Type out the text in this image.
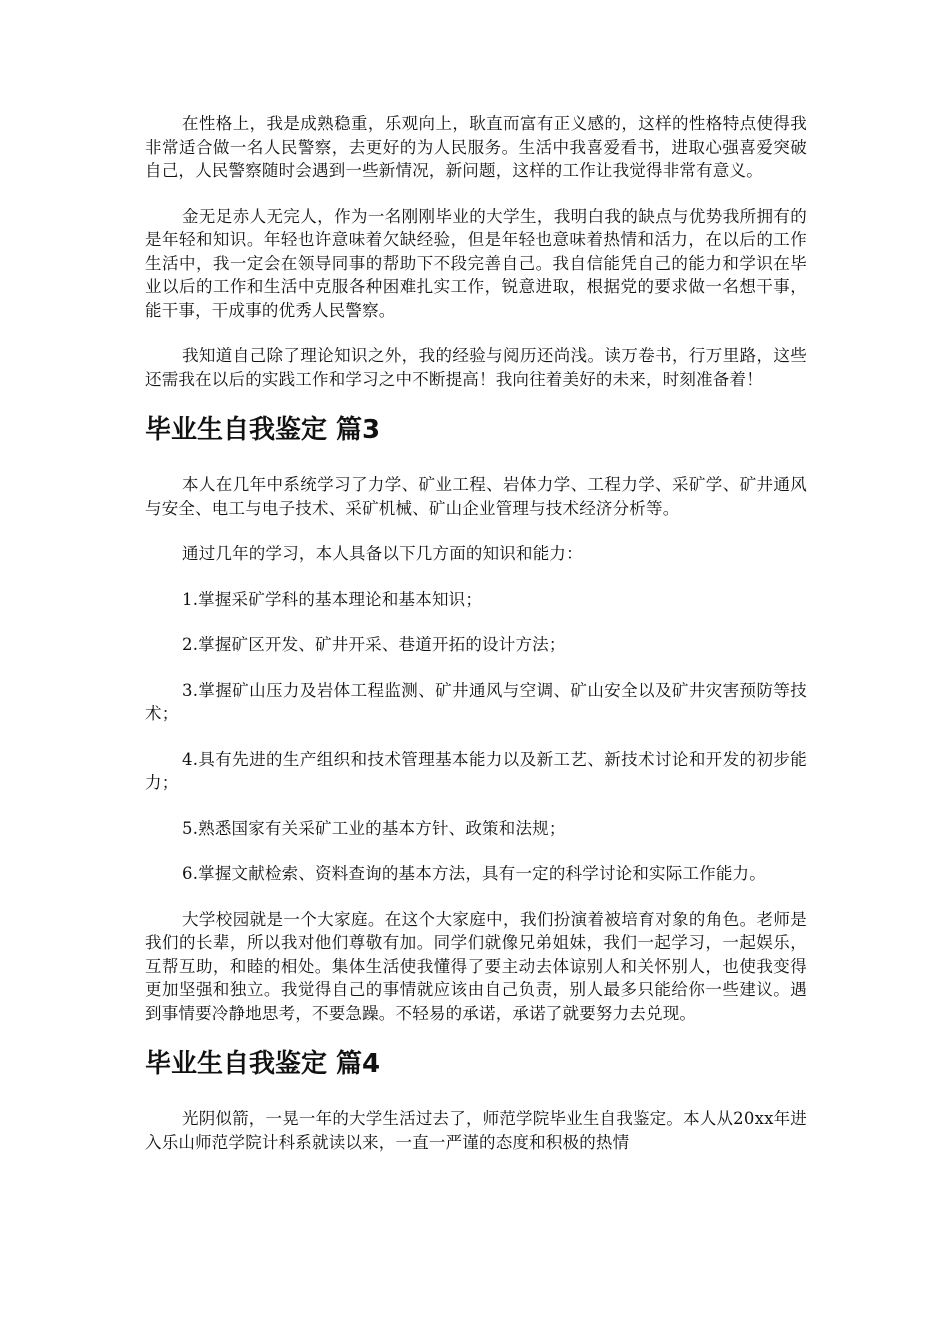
在性格上，我是成熟稳重，乐观向上，耿直而富有正义感的，这样的性格特点使得我非常适合做一名人民警察，去更好的为人民服务。生活中我喜爱看书，进取心强喜爱突破自己，人民警察随时会遇到一些新情况，新问题，这样的工作让我觉得非常有意义。

金无足赤人无完人，作为一名刚刚毕业的大学生，我明白我的缺点与优势我所拥有的是年轻和知识。年轻也许意味着欠缺经验，但是年轻也意味着热情和活力，在以后的工作生活中，我一定会在领导同事的帮助下不段完善自己。我自信能凭自己的能力和学识在毕业以后的工作和生活中克服各种困难扎实工作，锐意进取，根据党的要求做一名想干事，能干事，干成事的优秀人民警察。

我知道自己除了理论知识之外，我的经验与阅历还尚浅。读万卷书，行万里路，这些还需我在以后的实践工作和学习之中不断提高！我向往着美好的未来，时刻准备着！

毕业生自我鉴定 篇3

本人在几年中系统学习了力学、矿业工程、岩体力学、工程力学、采矿学、矿井通风与安全、电工与电子技术、采矿机械、矿山企业管理与技术经济分析等。

通过几年的学习，本人具备以下几方面的知识和能力：

1.掌握采矿学科的基本理论和基本知识；

2.掌握矿区开发、矿井开采、巷道开拓的设计方法；

3.掌握矿山压力及岩体工程监测、矿井通风与空调、矿山安全以及矿井灾害预防等技术；

4.具有先进的生产组织和技术管理基本能力以及新工艺、新技术讨论和开发的初步能力；

5.熟悉国家有关采矿工业的基本方针、政策和法规；

6.掌握文献检索、资料查询的基本方法，具有一定的科学讨论和实际工作能力。

大学校园就是一个大家庭。在这个大家庭中，我们扮演着被培育对象的角色。老师是我们的长辈，所以我对他们尊敬有加。同学们就像兄弟姐妹，我们一起学习，一起娱乐，互帮互助，和睦的相处。集体生活使我懂得了要主动去体谅别人和关怀别人，也使我变得更加坚强和独立。我觉得自己的事情就应该由自己负责，别人最多只能给你一些建议。遇到事情要冷静地思考，不要急躁。不轻易的承诺，承诺了就要努力去兑现。

毕业生自我鉴定 篇4

光阴似箭，一晃一年的大学生活过去了，师范学院毕业生自我鉴定。本人从20xx年进入乐山师范学院计科系就读以来，一直一严谨的态度和积极的热情
